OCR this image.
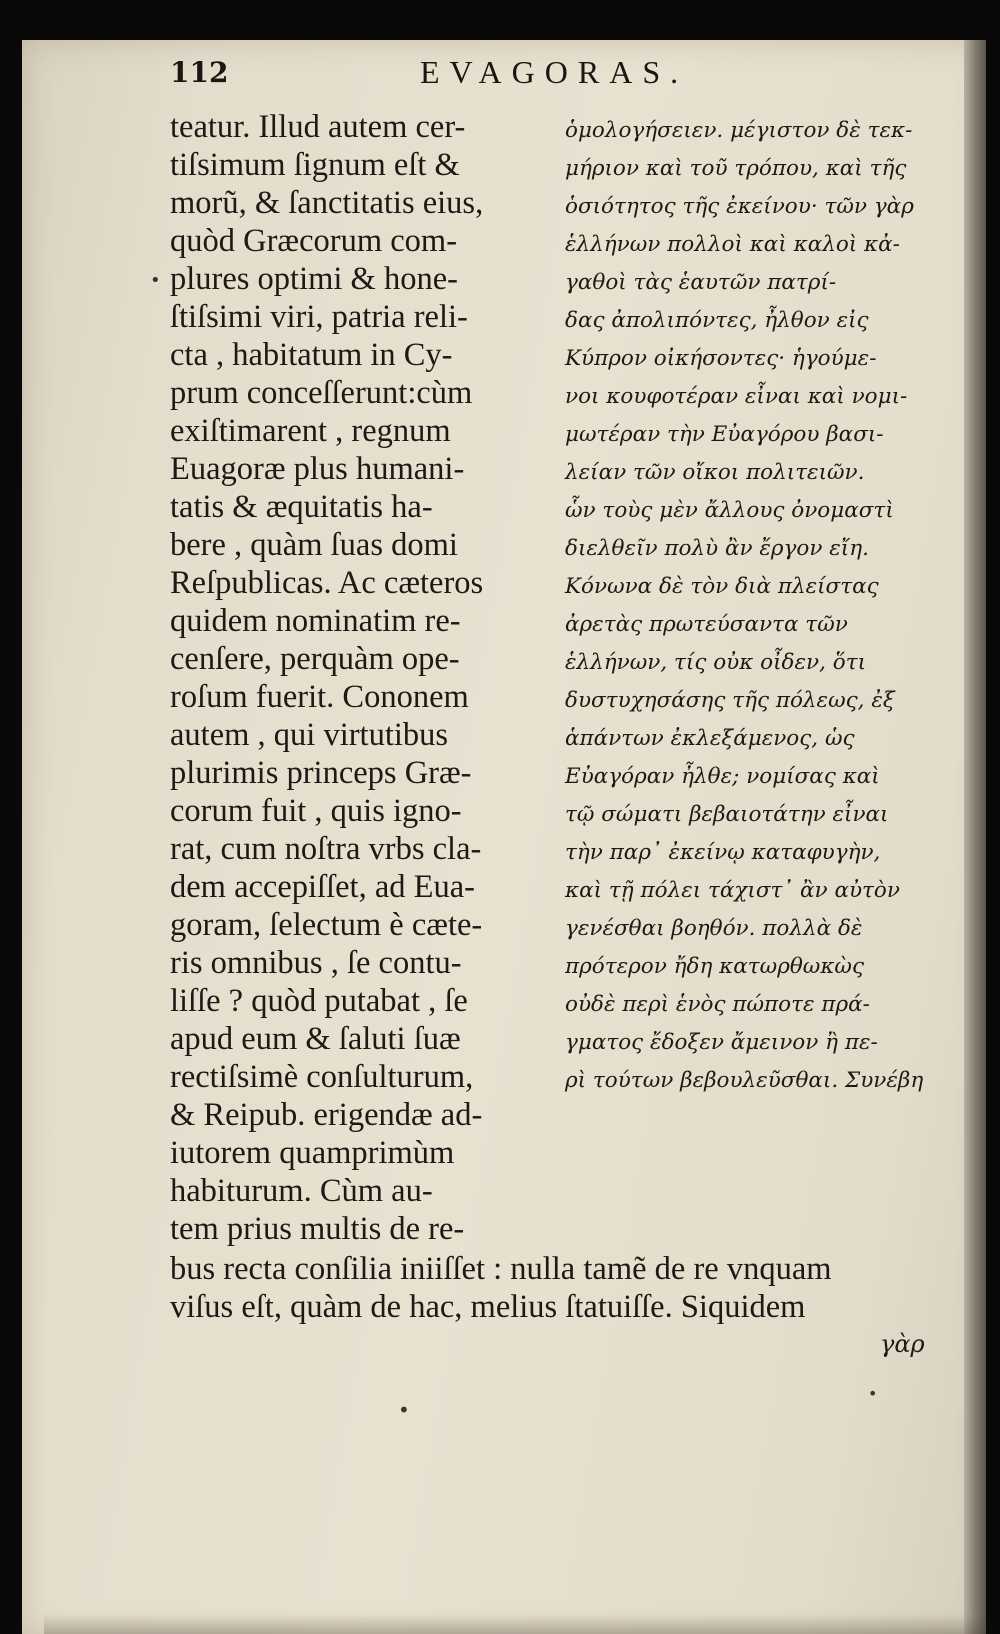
112	EVAGORAS.
•
teatur. Illud autem cer-
tiſsimum ſignum eſt &
morũ, & ſanctitatis eius,
quòd Græcorum com-
plures optimi & hone-
ſtiſsimi viri, patria reli-
cta , habitatum in Cy-
prum conceſſerunt:cùm
exiſtimarent , regnum
Euagoræ plus humani-
tatis & æquitatis ha-
bere , quàm ſuas domi
Reſpublicas. Ac cæteros
quidem nominatim re-
cenſere, perquàm ope-
roſum fuerit. Cononem
autem , qui virtutibus
plurimis princeps Græ-
corum fuit , quis igno-
rat, cum noſtra vrbs cla-
dem accepiſſet, ad Eua-
goram, ſelectum è cæte-
ris omnibus , ſe contu-
liſſe ? quòd putabat , ſe
apud eum & ſaluti ſuæ
rectiſsimè conſulturum,
& Reipub. erigendæ ad-
iutorem quamprimùm
habiturum. Cùm au-
tem prius multis de re-
ὁμολογήσειεν. μέγιστον δὲ τεκ-
μήριον καὶ τοῦ τρόπου, καὶ τῆς
ὁσιότητος τῆς ἐκείνου· τῶν γὰρ
ἑλλήνων πολλοὶ καὶ καλοὶ κἀ-
γαθοὶ τὰς ἑαυτῶν πατρί-
δας ἀπολιπόντες, ἦλθον εἰς
Κύπρον οἰκήσοντες· ἡγούμε-
νοι κουφοτέραν εἶναι καὶ νομι-
μωτέραν τὴν Εὐαγόρου βασι-
λείαν τῶν οἴκοι πολιτειῶν.
ὧν τοὺς μὲν ἄλλους ὀνομαστὶ
διελθεῖν πολὺ ἂν ἔργον εἴη.
Κόνωνα δὲ τὸν διὰ πλείστας
ἀρετὰς πρωτεύσαντα τῶν
ἑλλήνων, τίς οὐκ οἶδεν, ὅτι
δυστυχησάσης τῆς πόλεως, ἐξ
ἁπάντων ἐκλεξάμενος, ὡς
Εὐαγόραν ἦλθε; νομίσας καὶ
τῷ σώματι βεβαιοτάτην εἶναι
τὴν παρ᾽ ἐκείνῳ καταφυγὴν,
καὶ τῇ πόλει τάχιστ᾽ ἂν αὐτὸν
γενέσθαι βοηθόν. πολλὰ δὲ
πρότερον ἤδη κατωρθωκὼς
οὐδὲ περὶ ἑνὸς πώποτε πρά-
γματος ἔδοξεν ἄμεινον ἢ πε-
ρὶ τούτων βεβουλεῦσθαι. Συνέβη
bus recta conſilia iniiſſet : nulla tamẽ de re vnquam
viſus eſt, quàm de hac, melius ſtatuiſſe. Siquidem
γὰρ
•
•
